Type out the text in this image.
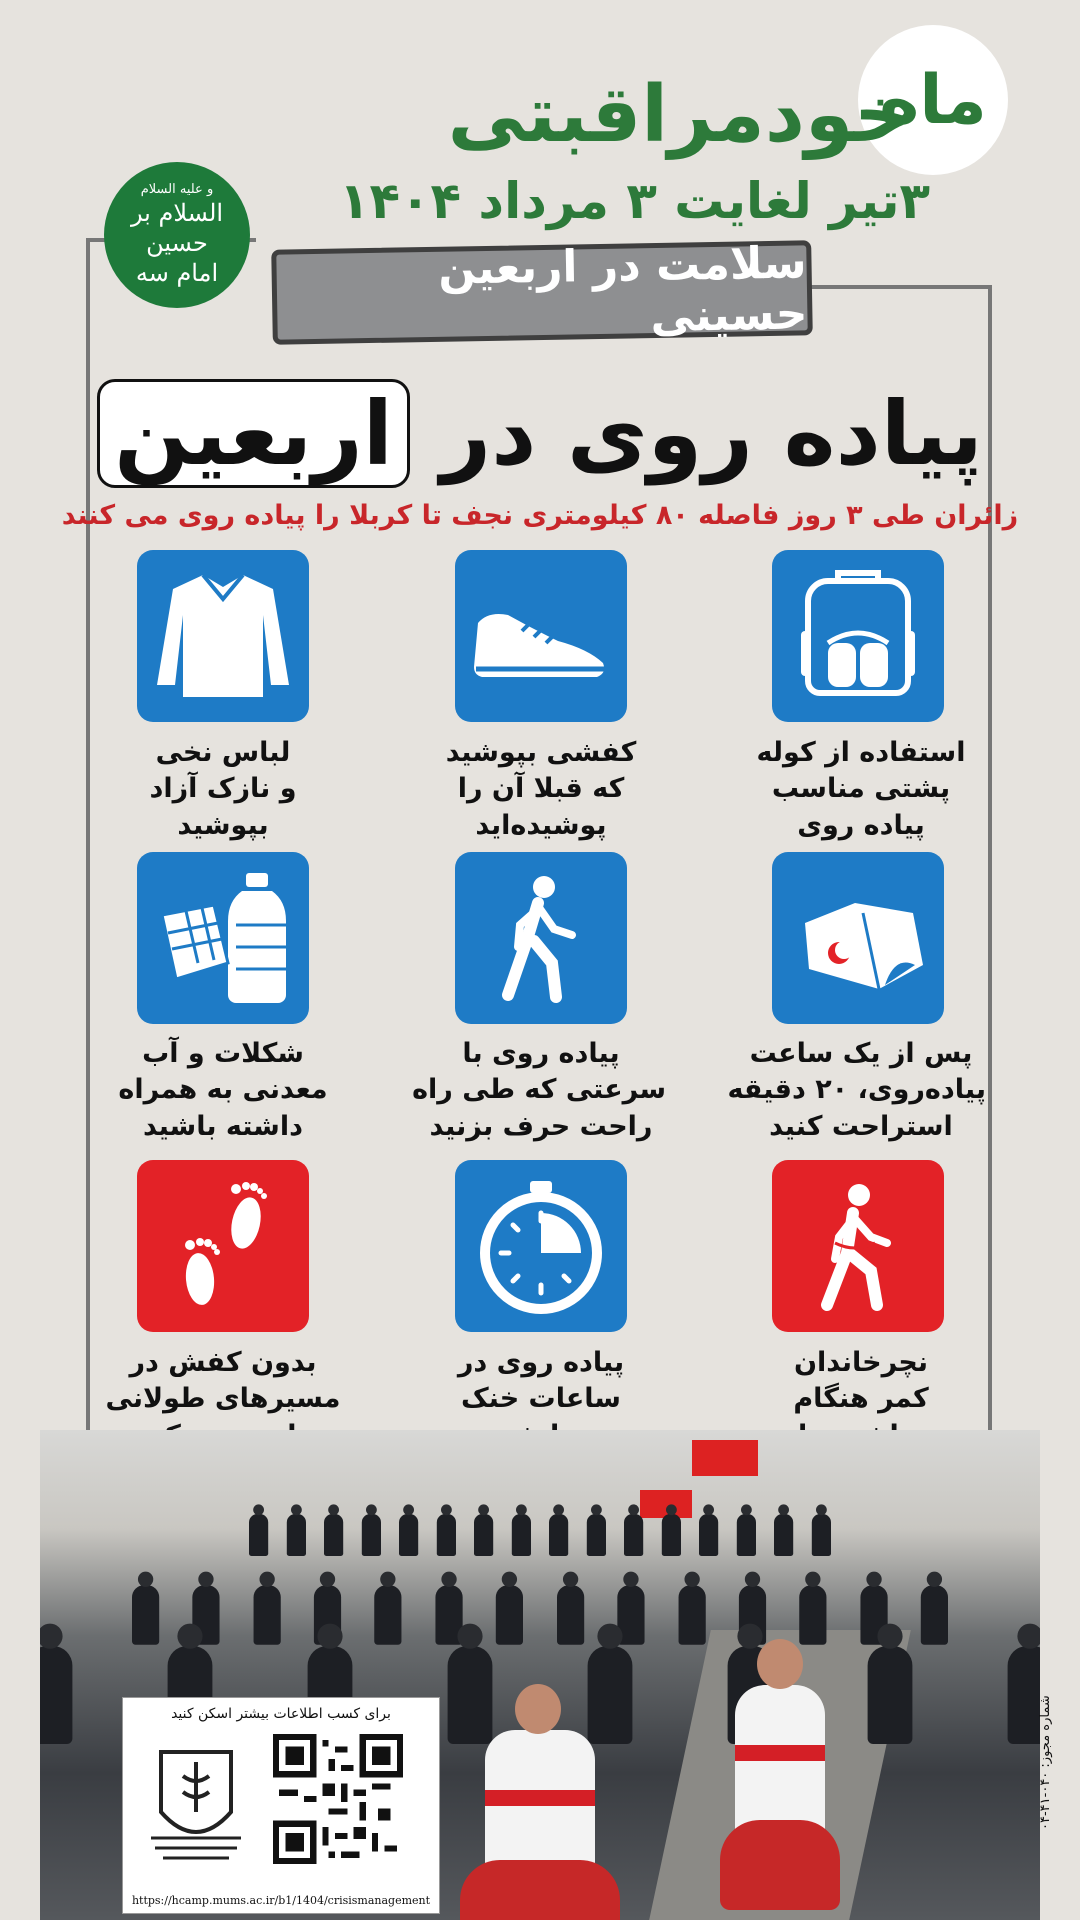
ماه
خودمراقبتی
۳تیر لغایت ۳ مرداد ۱۴۰۴
و علیه السلام
السلام بر حسین
امام سه	سلامت در اربعین حسینی
پیاده روی در اربعین
زائران طی ۳ روز فاصله ۸۰ کیلومتری نجف تا کربلا را پیاده روی می کنند
استفاده از کوله
پشتی مناسب
پیاده روی
کفشی بپوشید
که قبلا آن را
پوشیده‌اید
لباس نخی
و نازک آزاد
بپوشید
پس از یک ساعت
پیاده‌روی، ۲۰ دقیقه
استراحت کنید
پیاده روی با
سرعتی که طی راه
راحت حرف بزنید
شکلات و آب
معدنی به همراه
داشته باشید
نچرخاندان
کمر هنگام
پیاده روی در
ساعات خنک
بدون کفش در
مسیرهای طولانی
برای کسب اطلاعات بیشتر اسکن کنید
https://hcamp.mums.ac.ir/b1/1404/crisismanagement
شماره مجوز: ۰۴۰-۴۱-۰۴
